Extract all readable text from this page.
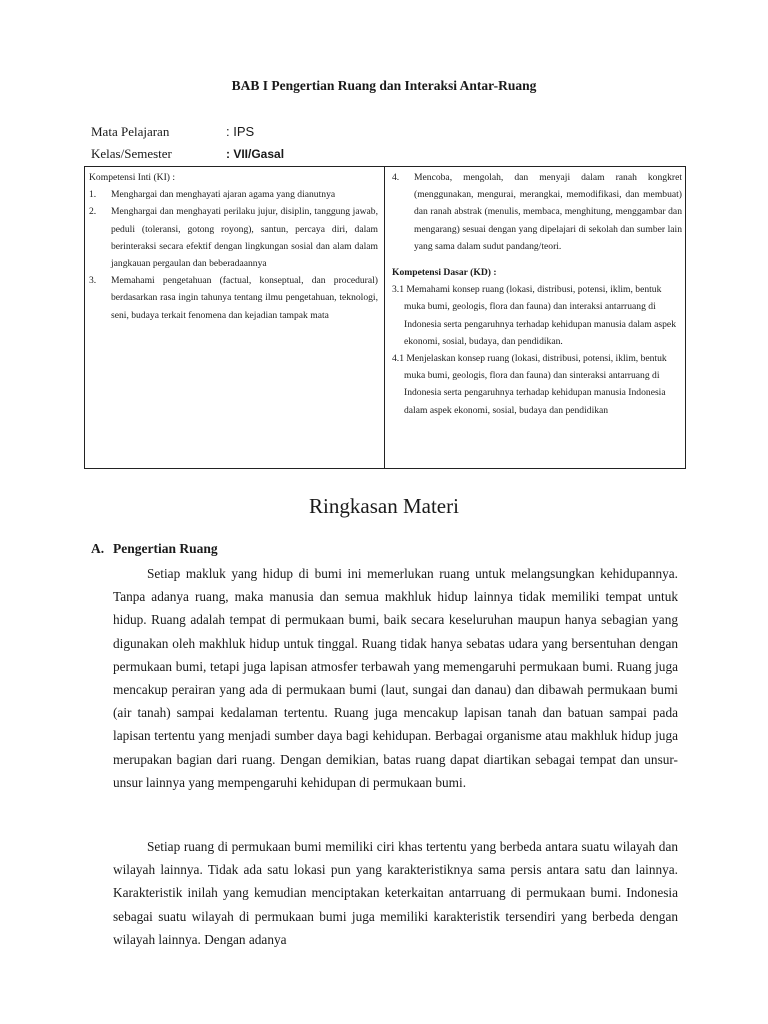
BAB I Pengertian Ruang dan Interaksi Antar-Ruang
Mata Pelajaran	: IPS
Kelas/Semester	: VII/Gasal
Kompetensi Inti (KI) :
1.	Menghargai dan menghayati ajaran agama yang dianutnya
2.	Menghargai dan menghayati perilaku jujur, disiplin, tanggung jawab, peduli (toleransi, gotong royong), santun, percaya diri, dalam berinteraksi secara efektif dengan lingkungan sosial dan alam dalam jangkauan pergaulan dan beberadaannya
3.	Memahami pengetahuan (factual, konseptual, dan procedural) berdasarkan rasa ingin tahunya tentang ilmu pengetahuan, teknologi, seni, budaya terkait fenomena dan kejadian tampak mata
4.	Mencoba, mengolah, dan menyaji dalam ranah kongkret (menggunakan, mengurai, merangkai, memodifikasi, dan membuat) dan ranah abstrak (menulis, membaca, menghitung, menggambar dan mengarang) sesuai dengan yang dipelajari di sekolah dan sumber lain yang sama dalam sudut pandang/teori.
Kompetensi Dasar (KD) :
3.1 Memahami konsep ruang (lokasi, distribusi, potensi, iklim, bentuk muka bumi, geologis, flora dan fauna) dan interaksi antarruang di Indonesia serta pengaruhnya terhadap kehidupan manusia dalam aspek ekonomi, sosial, budaya, dan pendidikan.
4.1 Menjelaskan konsep ruang (lokasi, distribusi, potensi, iklim, bentuk muka bumi, geologis, flora dan fauna) dan sinteraksi antarruang di Indonesia serta pengaruhnya terhadap kehidupan manusia Indonesia dalam aspek ekonomi, sosial, budaya dan pendidikan
Ringkasan Materi
A. Pengertian Ruang

Setiap makluk yang hidup di bumi ini memerlukan ruang untuk melangsungkan kehidupannya. Tanpa adanya ruang, maka manusia dan semua makhluk hidup lainnya tidak memiliki tempat untuk hidup. Ruang adalah tempat di permukaan bumi, baik secara keseluruhan maupun hanya sebagian yang digunakan oleh makhluk hidup untuk tinggal. Ruang tidak hanya sebatas udara yang bersentuhan dengan permukaan bumi, tetapi juga lapisan atmosfer terbawah yang memengaruhi permukaan bumi. Ruang juga mencakup perairan yang ada di permukaan bumi (laut, sungai dan danau) dan dibawah permukaan bumi (air tanah) sampai kedalaman tertentu. Ruang juga mencakup lapisan tanah dan batuan sampai pada lapisan tertentu yang menjadi sumber daya bagi kehidupan. Berbagai organisme atau makhluk hidup juga merupakan bagian dari ruang. Dengan demikian, batas ruang dapat diartikan sebagai tempat dan unsur-unsur lainnya yang mempengaruhi kehidupan di permukaan bumi.

Setiap ruang di permukaan bumi memiliki ciri khas tertentu yang berbeda antara suatu wilayah dan wilayah lainnya. Tidak ada satu lokasi pun yang karakteristiknya sama persis antara satu dan lainnya. Karakteristik inilah yang kemudian menciptakan keterkaitan antarruang di permukaan bumi. Indonesia sebagai suatu wilayah di permukaan bumi juga memiliki karakteristik tersendiri yang berbeda dengan wilayah lainnya. Dengan adanya
